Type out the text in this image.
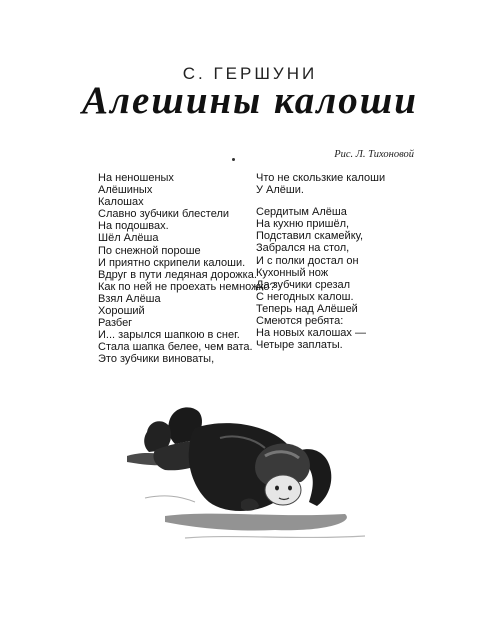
С. ГЕРШУНИ
Алешины калоши
Рис. Л. Тихоновой
На неношеных
Алёшиных
Калошах
Славно зубчики блестели
На подошвах.
Шёл Алёша
По снежной пороше
И приятно скрипели калоши.
Вдруг в пути ледяная дорожка.
Как по ней не проехать немножко?
Взял Алёша
Хороший
Разбег
И... зарылся шапкою в снег.
Стала шапка белее, чем вата.
Это зубчики виноваты,
Что не скользкие калоши
У Алёши.
Сердитым Алёша
На кухню пришёл,
Подставил скамейку,
Забрался на стол,
И с полки достал он
Кухонный нож
Да зубчики срезал
С негодных калош.
Теперь над Алёшей
Смеются ребята:
На новых калошах —
Четыре заплаты.
